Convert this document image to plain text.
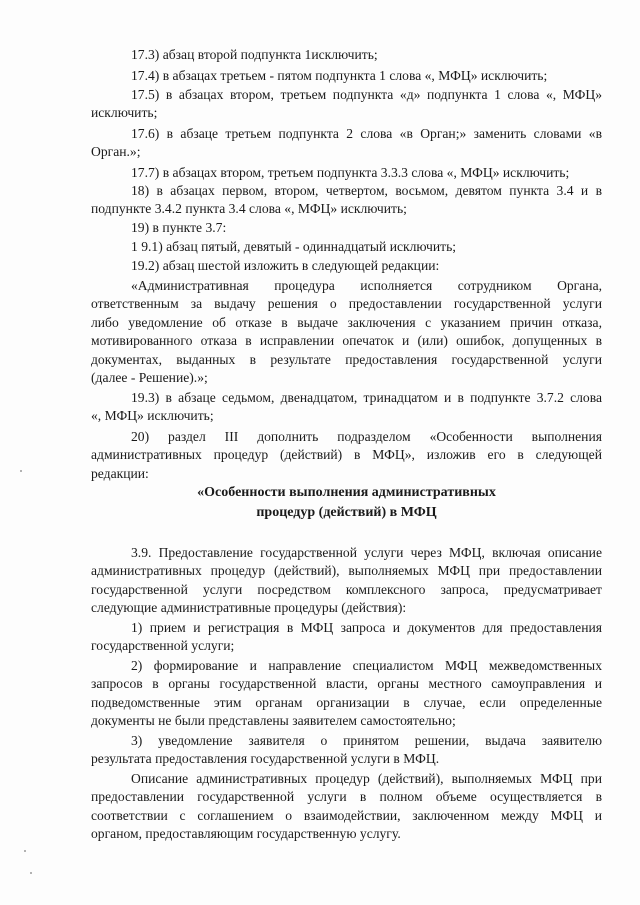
17.3) абзац второй подпункта 1исключить;
17.4) в абзацах третьем - пятом подпункта 1 слова «, МФЦ» исключить;
17.5) в абзацах втором, третьем подпункта «д» подпункта 1 слова «, МФЦ»
исключить;
17.6) в абзаце третьем подпункта 2 слова «в Орган;» заменить словами «в
Орган.»;
17.7) в абзацах втором, третьем подпункта 3.3.3 слова «, МФЦ» исключить;
18) в абзацах первом, втором, четвертом, восьмом, девятом пункта 3.4 и в
подпункте 3.4.2 пункта 3.4 слова «, МФЦ» исключить;
19) в пункте 3.7:
1 9.1) абзац пятый, девятый - одиннадцатый исключить;
19.2) абзац шестой изложить в следующей редакции:
«Административная процедура исполняется сотрудником Органа,
ответственным за выдачу решения о предоставлении государственной услуги
либо уведомление об отказе в выдаче заключения с указанием причин отказа,
мотивированного отказа в исправлении опечаток и (или) ошибок, допущенных в
документах, выданных в результате предоставления государственной услуги
(далее - Решение).»;
19.3) в абзаце седьмом, двенадцатом, тринадцатом и в подпункте 3.7.2 слова
«, МФЦ» исключить;
20) раздел III дополнить подразделом «Особенности выполнения
административных процедур (действий) в МФЦ», изложив его в следующей
редакции:
«Особенности выполнения административных
процедур (действий) в МФЦ
3.9. Предоставление государственной услуги через МФЦ, включая описание
административных процедур (действий), выполняемых МФЦ при предоставлении
государственной услуги посредством комплексного запроса, предусматривает
следующие административные процедуры (действия):
1) прием и регистрация в МФЦ запроса и документов для предоставления
государственной услуги;
2) формирование и направление специалистом МФЦ межведомственных
запросов в органы государственной власти, органы местного самоуправления и
подведомственные этим органам организации в случае, если определенные
документы не были представлены заявителем самостоятельно;
3) уведомление заявителя о принятом решении, выдача заявителю
результата предоставления государственной услуги в МФЦ.
Описание административных процедур (действий), выполняемых МФЦ при
предоставлении государственной услуги в полном объеме осуществляется в
соответствии с соглашением о взаимодействии, заключенном между МФЦ и
органом, предоставляющим государственную услугу.
